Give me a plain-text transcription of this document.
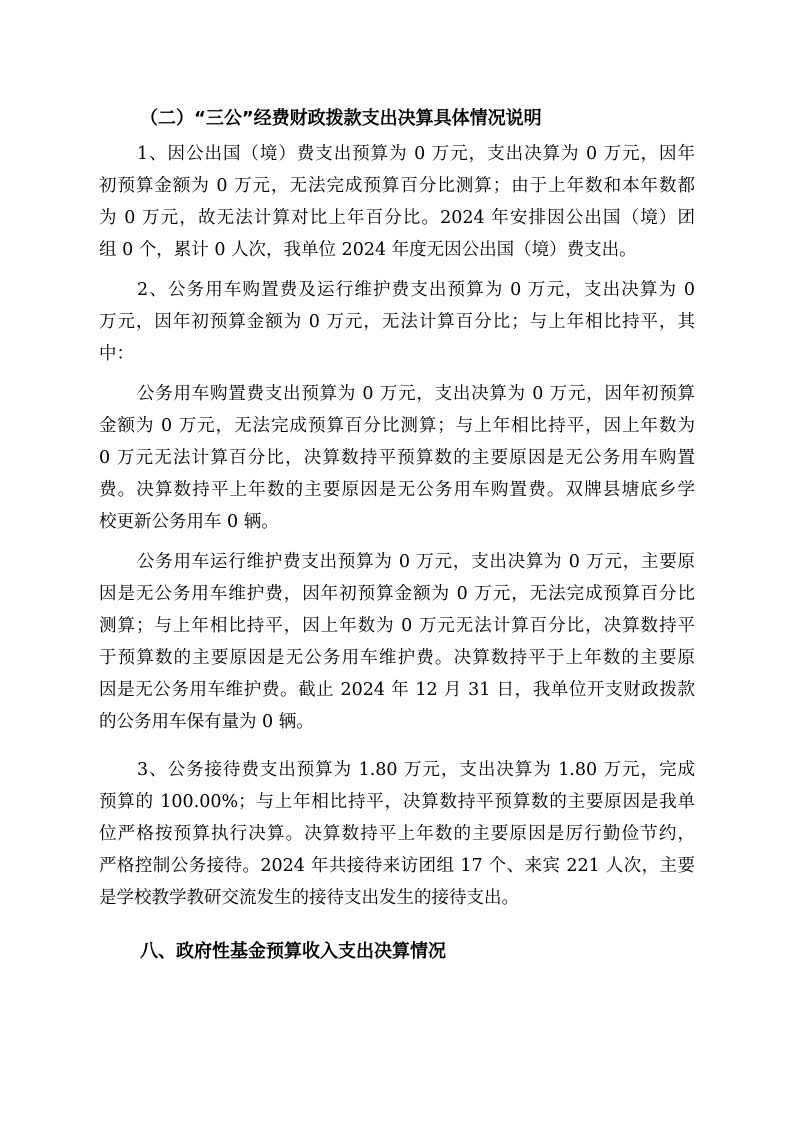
（二）“三公”经费财政拨款支出决算具体情况说明
1、因公出国（境）费支出预算为 0 万元，支出决算为 0 万元，因年
初预算金额为 0 万元，无法完成预算百分比测算；由于上年数和本年数都
为 0 万元，故无法计算对比上年百分比。2024 年安排因公出国（境）团
组 0 个，累计 0 人次，我单位 2024 年度无因公出国（境）费支出。
2、公务用车购置费及运行维护费支出预算为 0 万元，支出决算为 0
万元，因年初预算金额为 0 万元，无法计算百分比；与上年相比持平，其
中：
公务用车购置费支出预算为 0 万元，支出决算为 0 万元，因年初预算
金额为 0 万元，无法完成预算百分比测算；与上年相比持平，因上年数为
0 万元无法计算百分比，决算数持平预算数的主要原因是无公务用车购置
费。决算数持平上年数的主要原因是无公务用车购置费。双牌县塘底乡学
校更新公务用车 0 辆。
公务用车运行维护费支出预算为 0 万元，支出决算为 0 万元，主要原
因是无公务用车维护费，因年初预算金额为 0 万元，无法完成预算百分比
测算；与上年相比持平，因上年数为 0 万元无法计算百分比，决算数持平
于预算数的主要原因是无公务用车维护费。决算数持平于上年数的主要原
因是无公务用车维护费。截止 2024 年 12 月 31 日，我单位开支财政拨款
的公务用车保有量为 0 辆。
3、公务接待费支出预算为 1.80 万元，支出决算为 1.80 万元，完成
预算的 100.00%；与上年相比持平，决算数持平预算数的主要原因是我单
位严格按预算执行决算。决算数持平上年数的主要原因是厉行勤俭节约，
严格控制公务接待。2024 年共接待来访团组 17 个、来宾 221 人次，主要
是学校教学教研交流发生的接待支出发生的接待支出。
八、政府性基金预算收入支出决算情况
